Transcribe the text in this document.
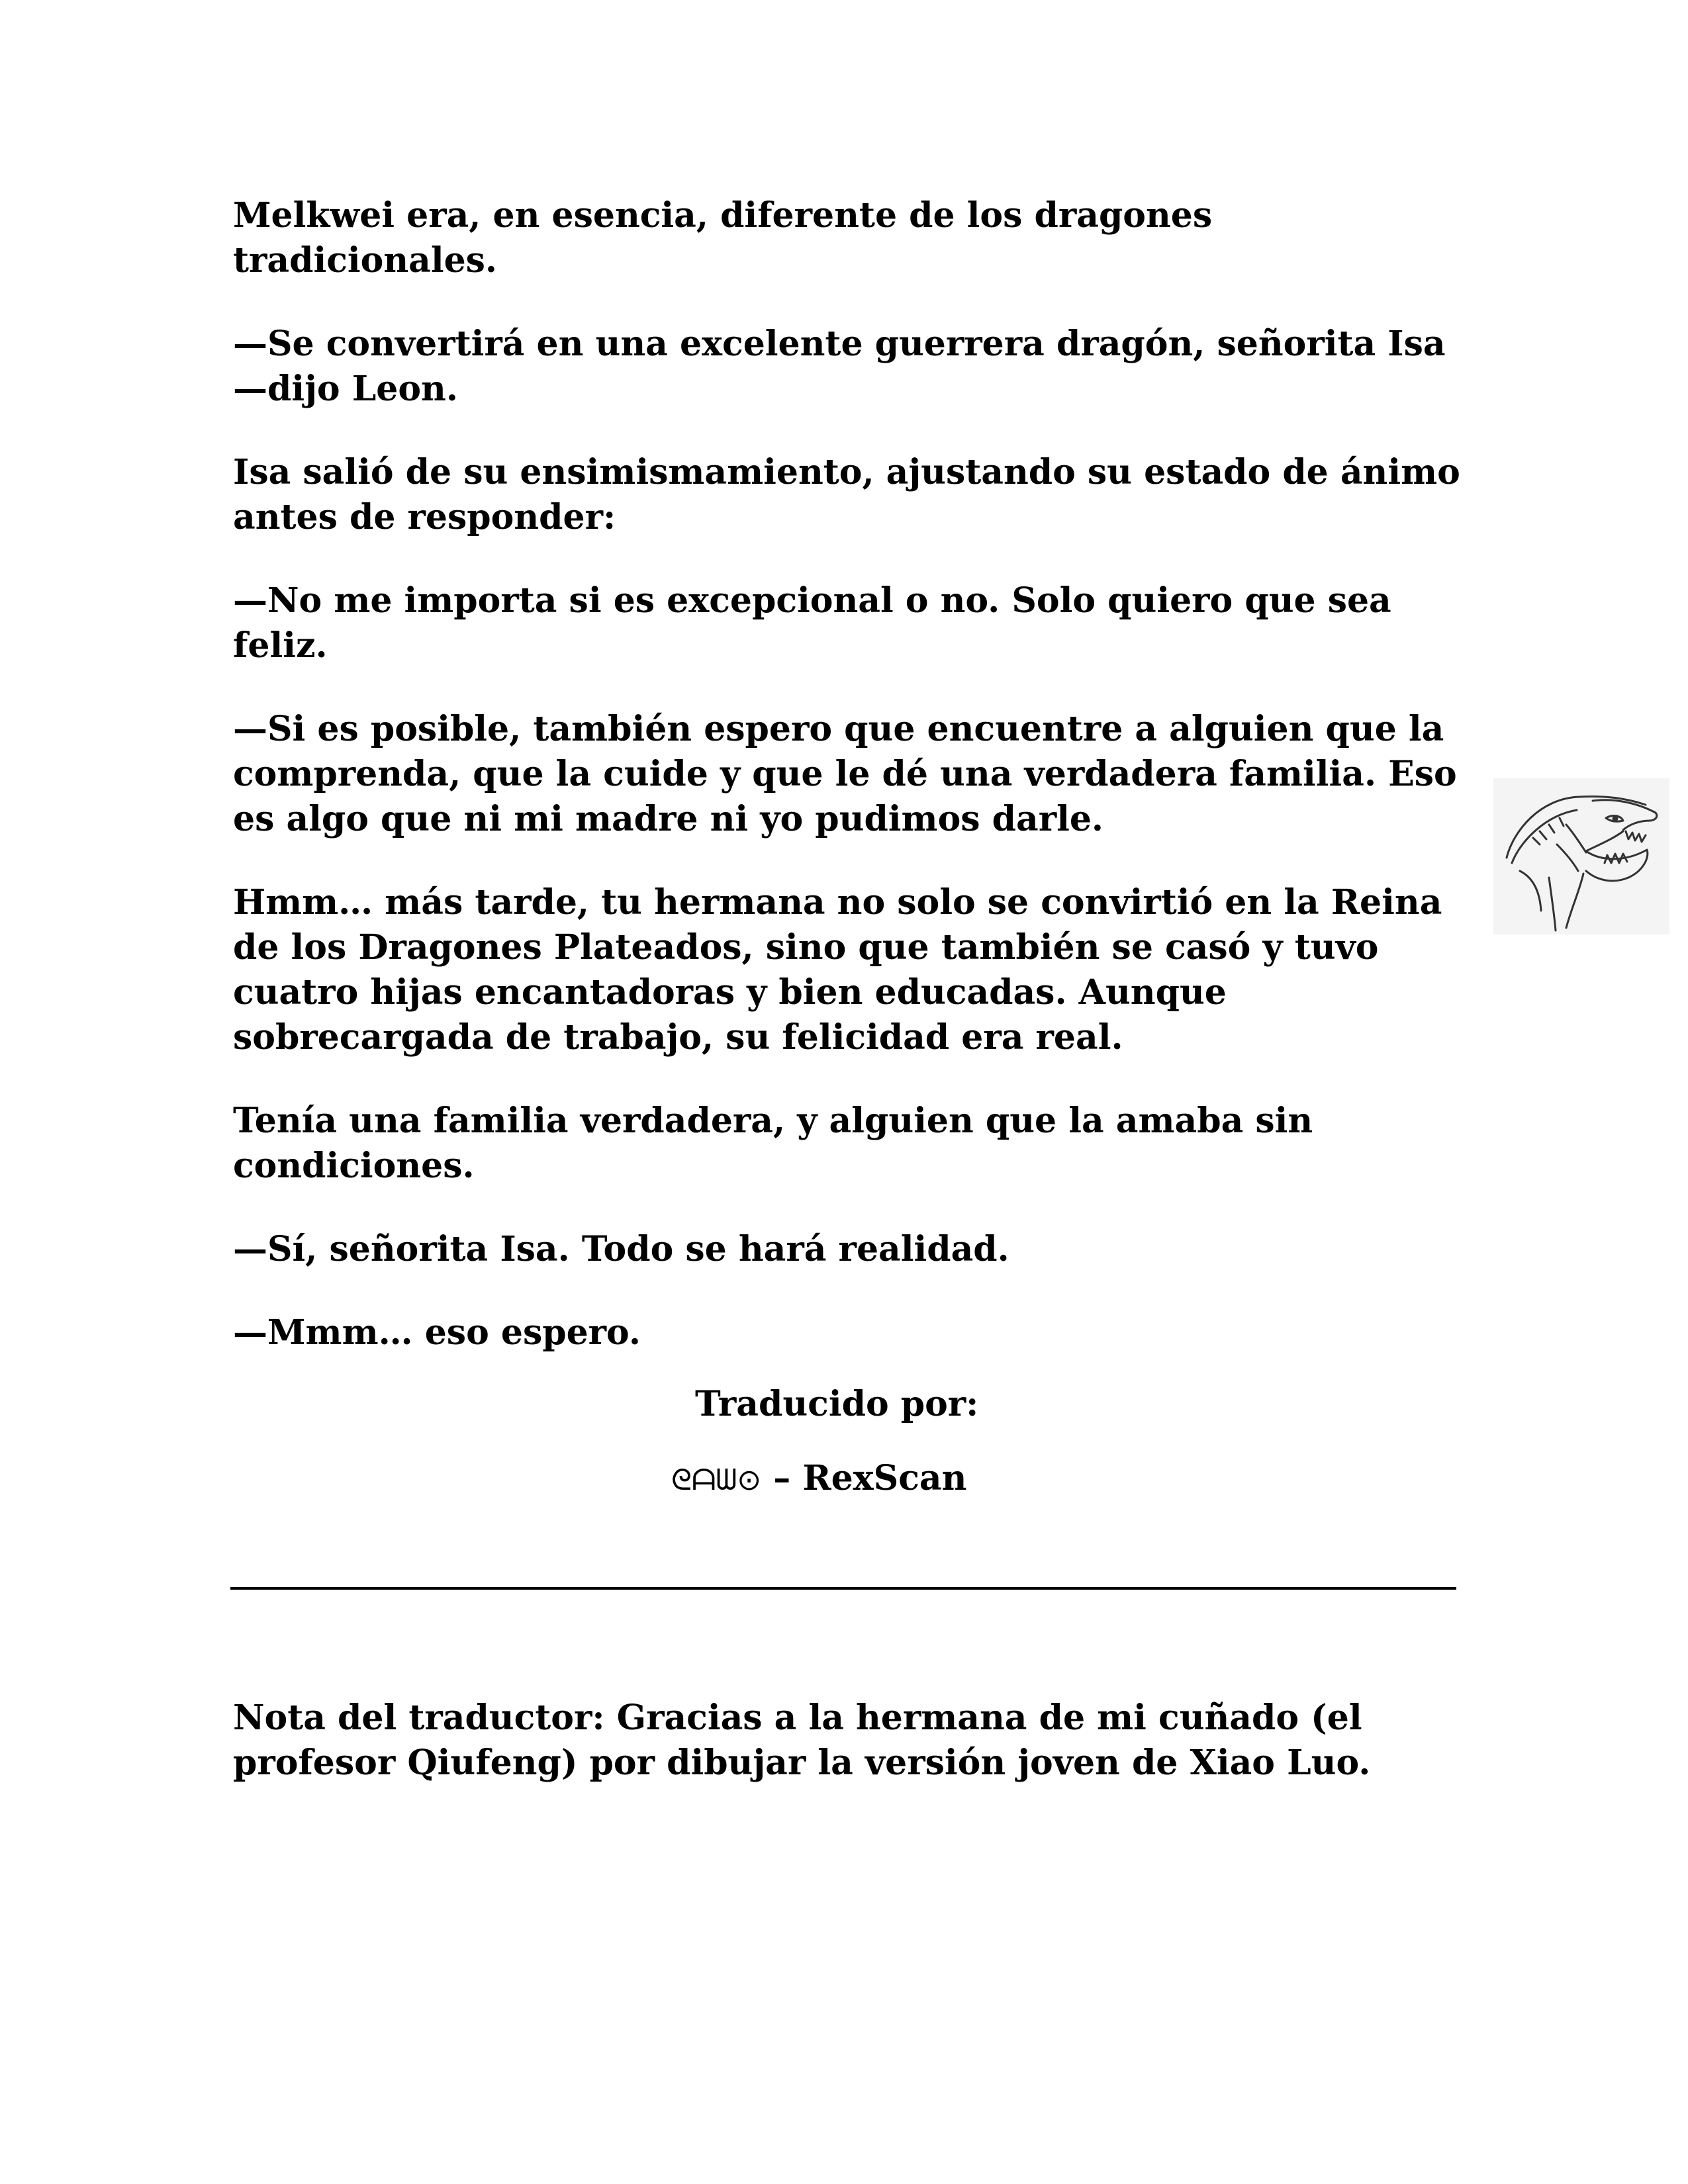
Melkwei era, en esencia, diferente de los dragones tradicionales.

—Se convertirá en una excelente guerrera dragón, señorita Isa —dijo Leon.

Isa salió de su ensimismamiento, ajustando su estado de ánimo antes de responder:

—No me importa si es excepcional o no. Solo quiero que sea feliz.

—Si es posible, también espero que encuentre a alguien que la comprenda, que la cuide y que le dé una verdadera familia. Eso es algo que ni mi madre ni yo pudimos darle.

Hmm… más tarde, tu hermana no solo se convirtió en la Reina de los Dragones Plateados, sino que también se casó y tuvo cuatro hijas encantadoras y bien educadas. Aunque sobrecargada de trabajo, su felicidad era real.

Tenía una familia verdadera, y alguien que la amaba sin condiciones.

—Sí, señorita Isa. Todo se hará realidad.

—Mmm… eso espero.

Traducido por:
ᘓᗩᗯ⊙ – RexScan
Nota del traductor: Gracias a la hermana de mi cuñado (el profesor Qiufeng) por dibujar la versión joven de Xiao Luo.
